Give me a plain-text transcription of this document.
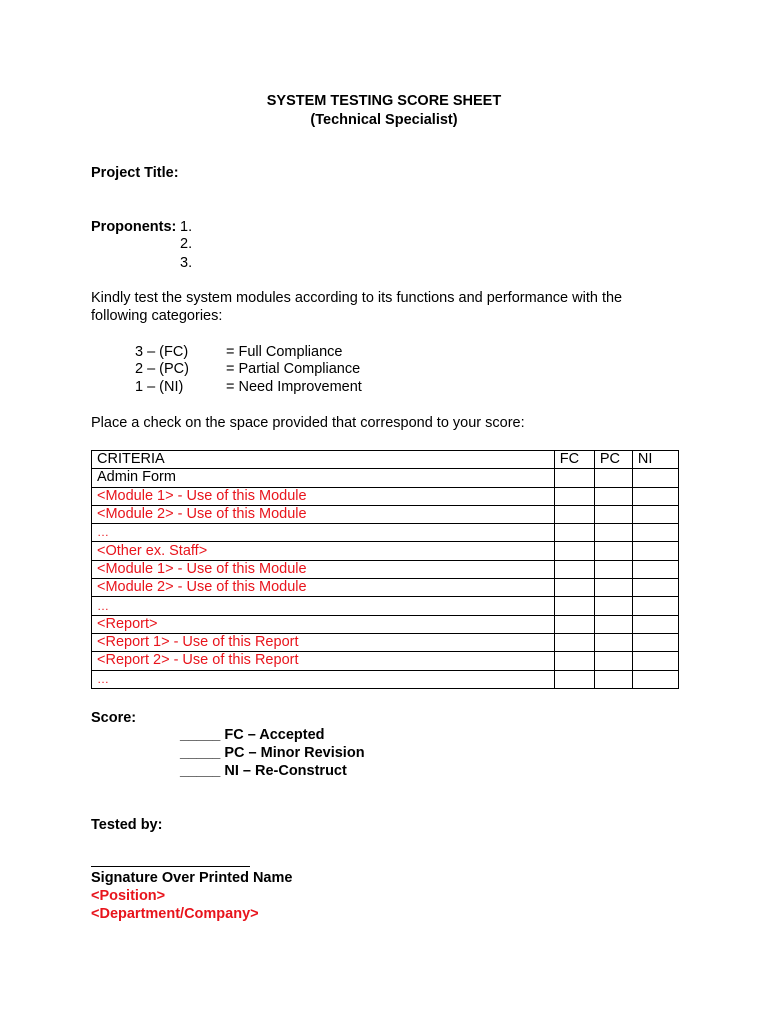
SYSTEM TESTING SCORE SHEET
(Technical Specialist)
Project Title:
Proponents: 1.
2.
3.
Kindly test the system modules according to its functions and performance with the
following categories:
3 – (FC)	= Full Compliance
2 – (PC)	= Partial Compliance
1 – (NI)	= Need Improvement
Place a check on the space provided that correspond to your score:
CRITERIA	FC	PC	NI
Admin Form			
<Module 1> - Use of this Module			
<Module 2> - Use of this Module			
…			
<Other ex. Staff>			
<Module 1> - Use of this Module			
<Module 2> - Use of this Module			
…			
<Report>			
<Report 1> - Use of this Report			
<Report 2> - Use of this Report			
…			
Score:
_____ FC – Accepted
_____ PC – Minor Revision
_____ NI – Re-Construct
Tested by:
Signature Over Printed Name
<Position>
<Department/Company>
